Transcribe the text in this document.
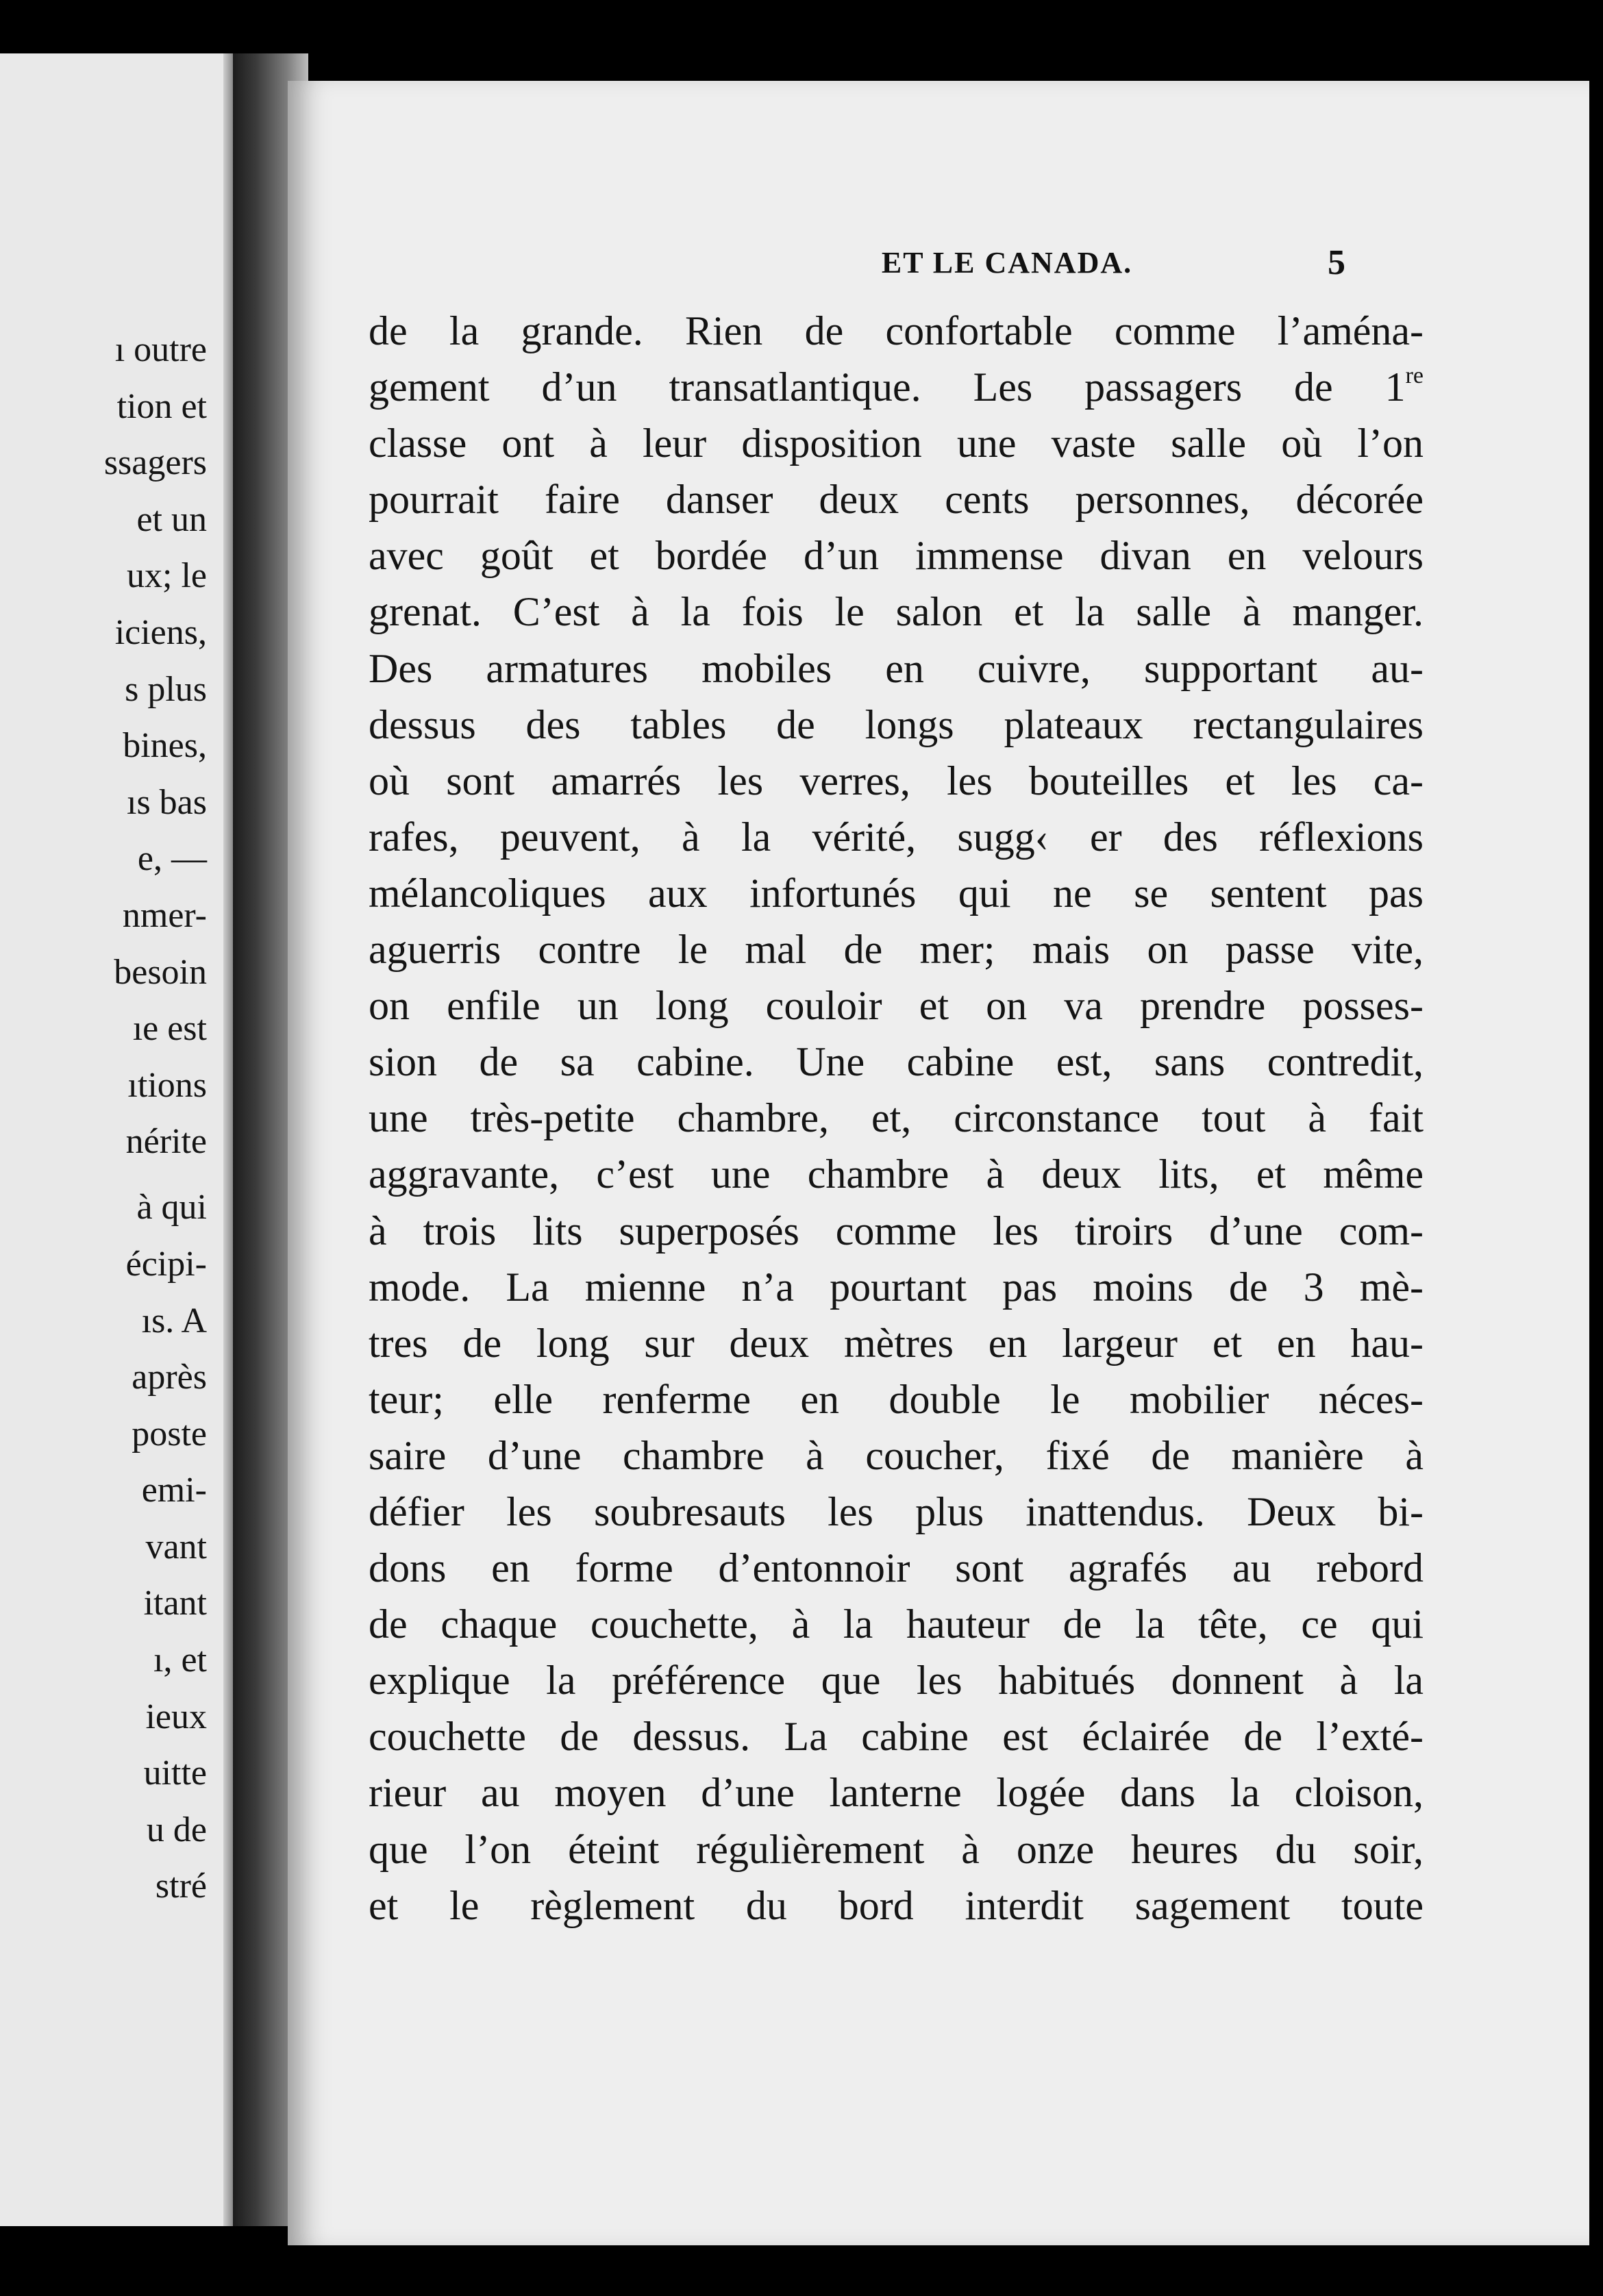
ı outre
tion et
ssagers
et un
ux; le
iciens,
s plus
bines,
ıs bas
e, —
nmer-
besoin
ıe est
ıtions
nérite
à qui
écipi-
ıs. A
après
poste
emi-
vant
itant
ı, et
ieux
uitte
u de
stré
ET LE CANADA.	5
de la grande. Rien de confortable comme l’aména-
gement d’un transatlantique. Les passagers de 1re
classe ont à leur disposition une vaste salle où l’on
pourrait faire danser deux cents personnes, décorée
avec goût et bordée d’un immense divan en velours
grenat. C’est à la fois le salon et la salle à manger.
Des armatures mobiles en cuivre, supportant au-
dessus des tables de longs plateaux rectangulaires
où sont amarrés les verres, les bouteilles et les ca-
rafes, peuvent, à la vérité, sugg‹ er des réflexions
mélancoliques aux infortunés qui ne se sentent pas
aguerris contre le mal de mer; mais on passe vite,
on enfile un long couloir et on va prendre posses-
sion de sa cabine. Une cabine est, sans contredit,
une très-petite chambre, et, circonstance tout à fait
aggravante, c’est une chambre à deux lits, et même
à trois lits superposés comme les tiroirs d’une com-
mode. La mienne n’a pourtant pas moins de 3 mè-
tres de long sur deux mètres en largeur et en hau-
teur; elle renferme en double le mobilier néces-
saire d’une chambre à coucher, fixé de manière à
défier les soubresauts les plus inattendus. Deux bi-
dons en forme d’entonnoir sont agrafés au rebord
de chaque couchette, à la hauteur de la tête, ce qui
explique la préférence que les habitués donnent à la
couchette de dessus. La cabine est éclairée de l’exté-
rieur au moyen d’une lanterne logée dans la cloison,
que l’on éteint régulièrement à onze heures du soir,
et le règlement du bord interdit sagement toute
